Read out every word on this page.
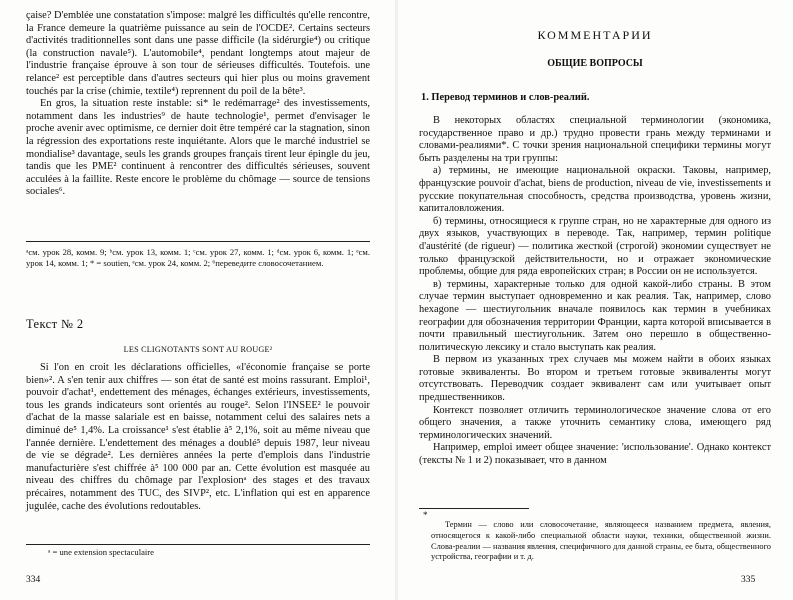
çaise? D'emblée une constatation s'impose: malgré les difficultés qu'elle rencontre, la France demeure la quatrième puissance au sein de l'OCDE². Certains secteurs d'activités traditionnelles sont dans une passe difficile (la sidérurgie⁴) ou critique (la construction navale⁵). L'automobile⁴, pendant longtemps atout majeur de l'industrie française éprouve à son tour de sérieuses difficultés. Toutefois. une relance² est perceptible dans d'autres secteurs qui hier plus ou moins gravement touchés par la crise (chimie, textile⁴) reprennent du poil de la bête³.

En gros, la situation reste instable: si* le redémarrage² des investissements, notamment dans les industries⁹ de haute technologie¹, permet d'envisager le proche avenir avec optimisme, ce dernier doit être tempéré car la stagnation, sinon la régression des exportations reste inquiétante. Alors que le marché industriel se mondialise³ davantage, seuls les grands groupes français tirent leur épingle du jeu, tandis que les PME² continuent à rencontrer des difficultés sérieuses, souvent acculées à la faillite. Reste encore le problème du chômage — source de tensions sociales⁶.

ᵃсм. урок 28, комм. 9; ᵇсм. урок 13, комм. 1; ᶜсм. урок 27, комм. 1; ᵈсм. урок 6, комм. 1; ᵉсм. урок 14, комм. 1; * = soutien, ᵉсм. урок 24, комм. 2; ⁶переведите словосочетанием.

Текст № 2
LES CLIGNOTANTS SONT AU ROUGE²

Si l'on en croit les déclarations officielles, «l'économie française se porte bien»². A s'en tenir aux chiffres — son état de santé est moins rassurant. Emploi¹, pouvoir d'achat¹, endettement des ménages, échanges extérieurs, investissements, tous les grands indicateurs sont orientés au rouge². Selon l'INSEE² le pouvoir d'achat de la masse salariale est en baisse, notamment celui des salaires nets a diminué de⁵ 1,4%. La croissance¹ s'est établie à⁵ 2,1%, soit au même niveau que l'année dernière. L'endettement des ménages a doublé⁵ depuis 1987, leur niveau de vie se dégrade². Les dernières années la perte d'emplois dans l'industrie manufacturière s'est chiffrée à⁵ 100 000 par an. Cette évolution est masquée au niveau des chiffres du chômage par l'explosionᵃ des stages et des travaux précaires, notamment des TUC, des SIVP², etc. L'inflation qui est en apparence jugulée, cache des évolutions redoutables.

ᵃ = une extension spectaculaire

334
КОММЕНТАРИИ
ОБЩИЕ ВОПРОСЫ
1. Перевод терминов и слов-реалий.

В некоторых областях специальной терминологии (экономика, государственное право и др.) трудно провести грань между терминами и словами-реалиями*. С точки зрения национальной специфики термины могут быть разделены на три группы:

а) термины, не имеющие национальной окраски. Таковы, например, французские pouvoir d'achat, biens de production, niveau de vie, investissements и русские покупательная способность, средства производства, уровень жизни, капиталовложения.

б) термины, относящиеся к группе стран, но не характерные для одного из двух языков, участвующих в переводе. Так, например, термин politique d'austérité (de rigueur) — политика жесткой (строгой) экономии существует не только французской действительности, но и отражает экономические проблемы, общие для ряда европейских стран; в России он не используется.

в) термины, характерные только для одной какой-либо страны. В этом случае термин выступает одновременно и как реалия. Так, например, слово hexagone — шестиугольник вначале появилось как термин в учебниках географии для обозначения территории Франции, карта которой вписывается в почти правильный шестиугольник. Затем оно перешло в общественно-политическую лексику и стало выступать как реалия.

В первом из указанных трех случаев мы можем найти в обоих языках готовые эквиваленты. Во втором и третьем готовые эквиваленты могут отсутствовать. Переводчик создает эквивалент сам или учитывает опыт предшественников.

Контекст позволяет отличить терминологическое значение слова от его общего значения, а также уточнить семантику слова, имеющего ряд терминологических значений.

Например, emploi имеет общее значение: 'использование'. Однако контекст (тексты № 1 и 2) показывает, что в данном

*

Термин — слово или словосочетание, являющееся названием предмета, явления, относящегося к какой-либо специальной области науки, техники, общественной жизни. Слова-реалии — названия явления, специфичного для данной страны, ее быта, общественного устройства, географии и т. д.

335
